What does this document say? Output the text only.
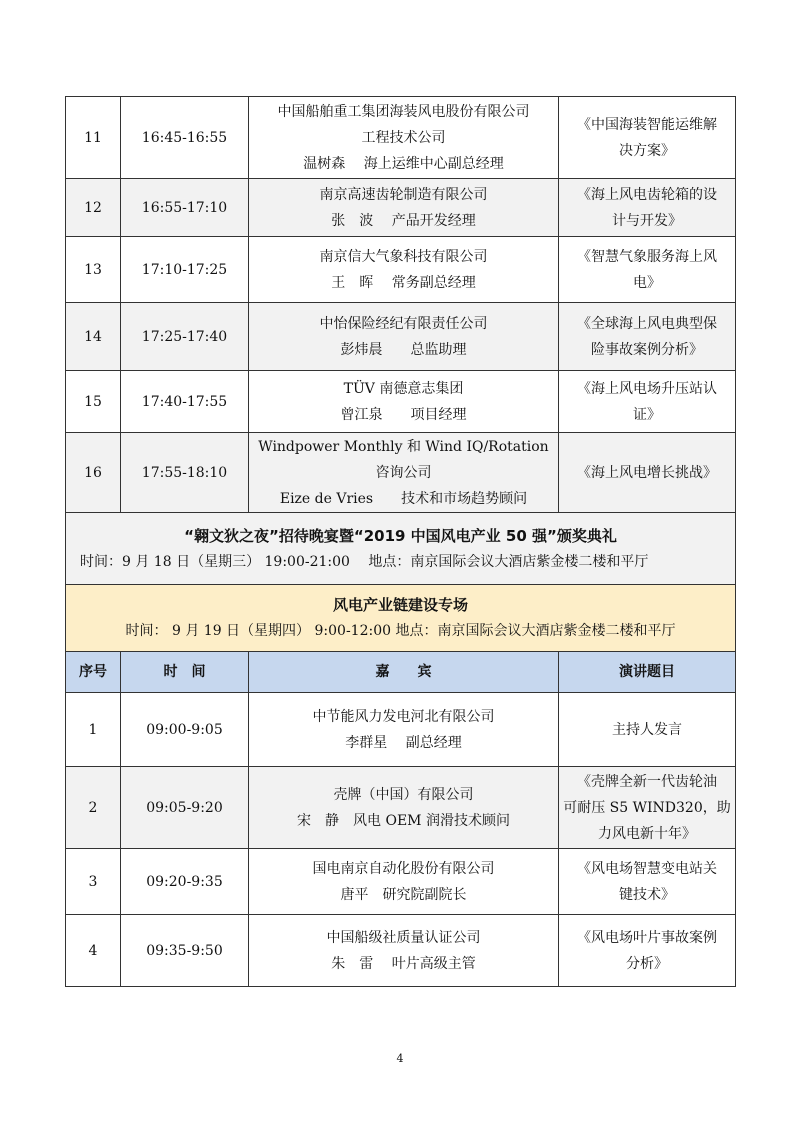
11	16:45-16:55	中国船舶重工集团海装风电股份有限公司
工程技术公司
温树森　 海上运维中心副总经理	《中国海装智能运维解
决方案》

12	16:55-17:10	南京高速齿轮制造有限公司
张　波　 产品开发经理	《海上风电齿轮箱的设
计与开发》

13	17:10-17:25	南京信大气象科技有限公司
王　晖　 常务副总经理	《智慧气象服务海上风
电》

14	17:25-17:40	中怡保险经纪有限责任公司
彭炜晨　　总监助理	《全球海上风电典型保
险事故案例分析》

15	17:40-17:55	TÜV 南德意志集团
曾江泉　　项目经理	《海上风电场升压站认
证》

16	17:55-18:10	Windpower Monthly 和 Wind IQ/Rotation
咨询公司
Eize de Vries　　技术和市场趋势顾问	《海上风电增长挑战》

“翱文狄之夜”招待晚宴暨“2019 中国风电产业 50 强”颁奖典礼
时间：9 月 18 日（星期三） 19:00-21:00　 地点：南京国际会议大酒店紫金楼二楼和平厅			

风电产业链建设专场
时间： 9 月 19 日（星期四） 9:00-12:00 地点：南京国际会议大酒店紫金楼二楼和平厅			

序号	时　间	嘉　　宾	演讲题目
1	09:00-9:05	中节能风力发电河北有限公司
李群星　 副总经理	主持人发言

2	09:05-9:20	壳牌（中国）有限公司
宋　静　风电 OEM 润滑技术顾问	《壳牌全新一代齿轮油
可耐压 S5 WIND320，助
力风电新十年》

3	09:20-9:35	国电南京自动化股份有限公司
唐平　研究院副院长	《风电场智慧变电站关
键技术》

4	09:35-9:50	中国船级社质量认证公司
朱　雷　 叶片高级主管	《风电场叶片事故案例
分析》
4
